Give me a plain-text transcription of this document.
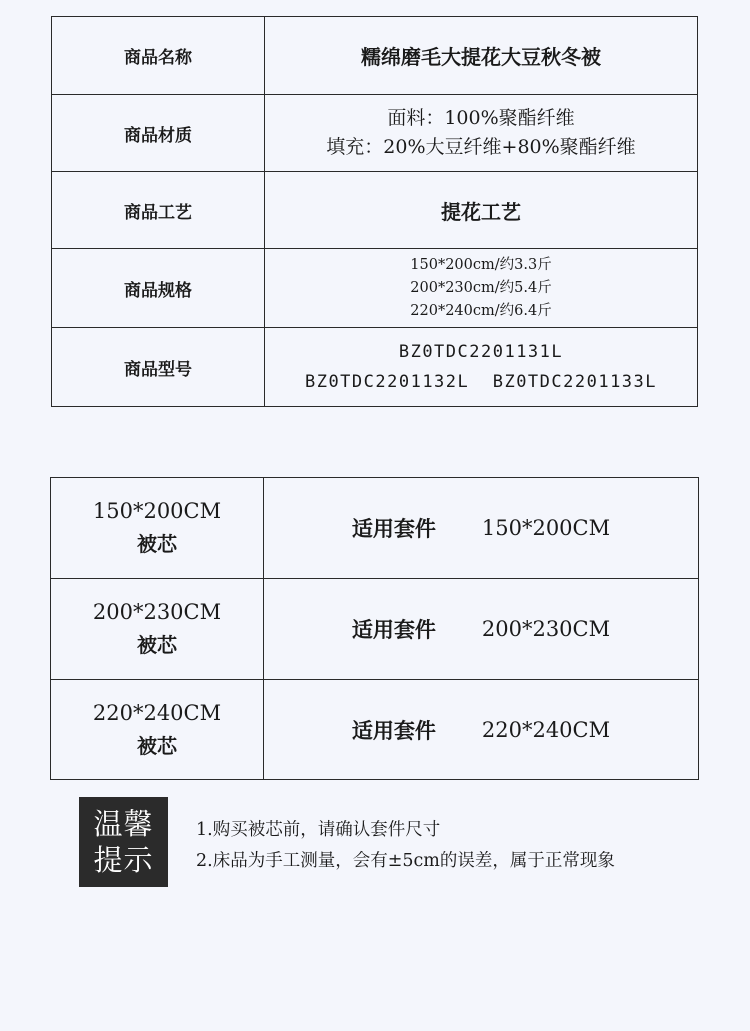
商品名称	糯绵磨毛大提花大豆秋冬被
商品材质
面料：100%聚酯纤维
填充：20%大豆纤维+80%聚酯纤维
商品工艺	提花工艺
商品规格
150*200cm/约3.3斤
200*230cm/约5.4斤
220*240cm/约6.4斤
商品型号
BZ0TDC2201131L
BZ0TDC2201132L  BZ0TDC2201133L
150*200CM
被芯
适用套件 150*200CM
200*230CM
被芯
适用套件 200*230CM
220*240CM
被芯
适用套件 220*240CM
温馨
提示
1.购买被芯前，请确认套件尺寸
2.床品为手工测量，会有±5cm的误差，属于正常现象
